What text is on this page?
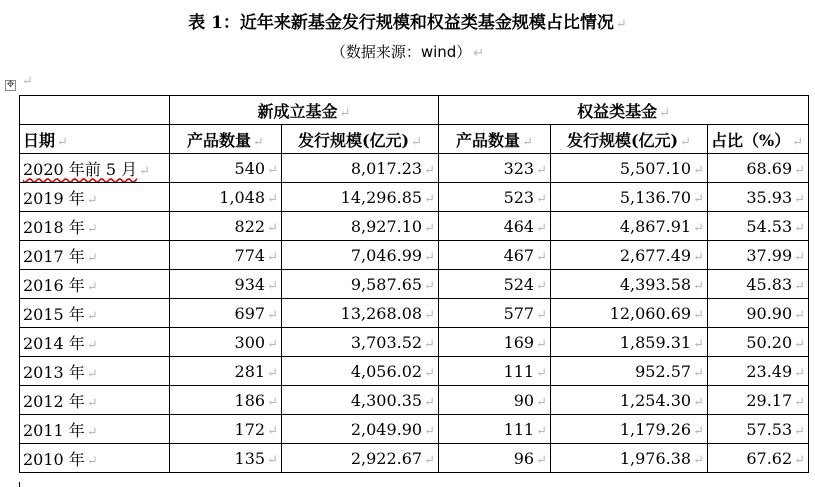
表 1：近年来新基金发行规模和权益类基金规模占比情况 ↵
（数据来源：wind） ↵
✥ ↵
	新成立基金 ↵		权益类基金 ↵		
日期 ↵	产品数量 ↵	发行规模(亿元) ↵	产品数量 ↵	发行规模(亿元) ↵	占比（%） ↵
2020 年前 5 月 ↵	540 ↵	8,017.23 ↵	323 ↵	5,507.10 ↵	68.69 ↵
2019 年 ↵	1,048 ↵	14,296.85 ↵	523 ↵	5,136.70 ↵	35.93 ↵
2018 年 ↵	822 ↵	8,927.10 ↵	464 ↵	4,867.91 ↵	54.53 ↵
2017 年 ↵	774 ↵	7,046.99 ↵	467 ↵	2,677.49 ↵	37.99 ↵
2016 年 ↵	934 ↵	9,587.65 ↵	524 ↵	4,393.58 ↵	45.83 ↵
2015 年 ↵	697 ↵	13,268.08 ↵	577 ↵	12,060.69 ↵	90.90 ↵
2014 年 ↵	300 ↵	3,703.52 ↵	169 ↵	1,859.31 ↵	50.20 ↵
2013 年 ↵	281 ↵	4,056.02 ↵	111 ↵	952.57 ↵	23.49 ↵
2012 年 ↵	186 ↵	4,300.35 ↵	90 ↵	1,254.30 ↵	29.17 ↵
2011 年 ↵	172 ↵	2,049.90 ↵	111 ↵	1,179.26 ↵	57.53 ↵
2010 年 ↵	135 ↵	2,922.67 ↵	96 ↵	1,976.38 ↵	67.62 ↵
